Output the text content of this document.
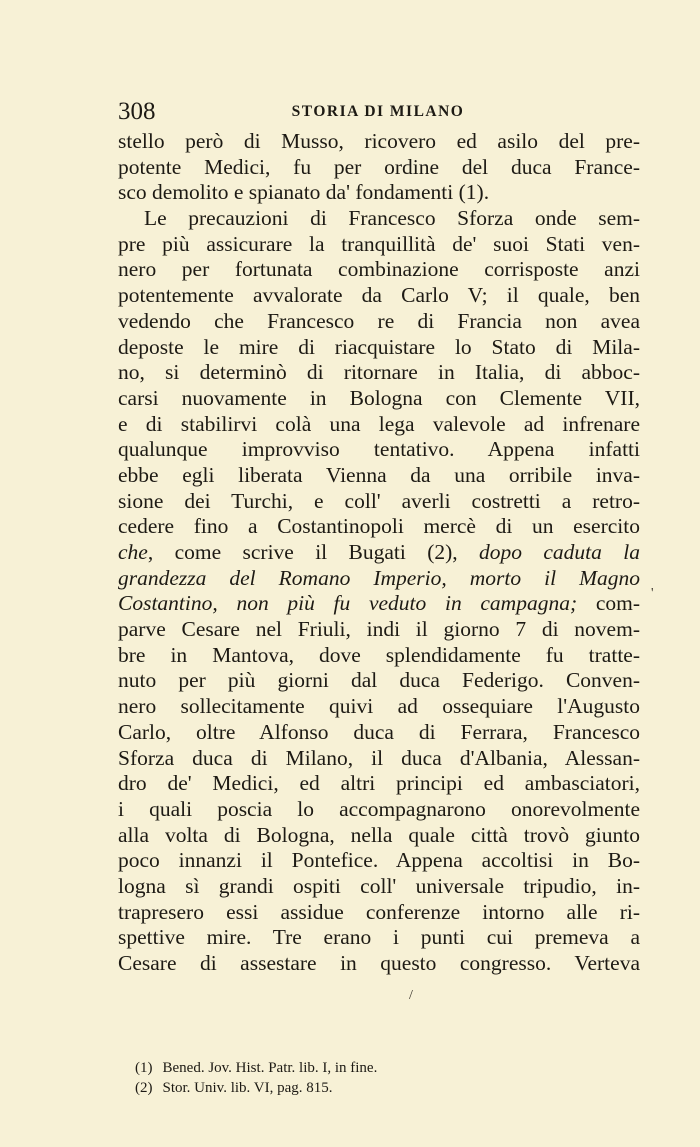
308	STORIA DI MILANO
stello però di Musso, ricovero ed asilo del pre-
potente Medici, fu per ordine del duca France-
sco demolito e spianato da' fondamenti (1).
Le precauzioni di Francesco Sforza onde sem-
pre più assicurare la tranquillità de' suoi Stati ven-
nero per fortunata combinazione corrisposte anzi
potentemente avvalorate da Carlo V; il quale, ben
vedendo che Francesco re di Francia non avea
deposte le mire di riacquistare lo Stato di Mila-
no, si determinò di ritornare in Italia, di abboc-
carsi nuovamente in Bologna con Clemente VII,
e di stabilirvi colà una lega valevole ad infrenare
qualunque improvviso tentativo. Appena infatti
ebbe egli liberata Vienna da una orribile inva-
sione dei Turchi, e coll' averli costretti a retro-
cedere fino a Costantinopoli mercè di un esercito
che, come scrive il Bugati (2), dopo caduta la
grandezza del Romano Imperio, morto il Magno
Costantino, non più fu veduto in campagna; com-
parve Cesare nel Friuli, indi il giorno 7 di novem-
bre in Mantova, dove splendidamente fu tratte-
nuto per più giorni dal duca Federigo. Conven-
nero sollecitamente quivi ad ossequiare l'Augusto
Carlo, oltre Alfonso duca di Ferrara, Francesco
Sforza duca di Milano, il duca d'Albania, Alessan-
dro de' Medici, ed altri principi ed ambasciatori,
i quali poscia lo accompagnarono onorevolmente
alla volta di Bologna, nella quale città trovò giunto
poco innanzi il Pontefice. Appena accoltisi in Bo-
logna sì grandi ospiti coll' universale tripudio, in-
trapresero essi assidue conferenze intorno alle ri-
spettive mire. Tre erano i punti cui premeva a
Cesare di assestare in questo congresso. Verteva
(1) Bened. Jov. Hist. Patr. lib. I, in fine.
(2) Stor. Univ. lib. VI, pag. 815.
'
/
